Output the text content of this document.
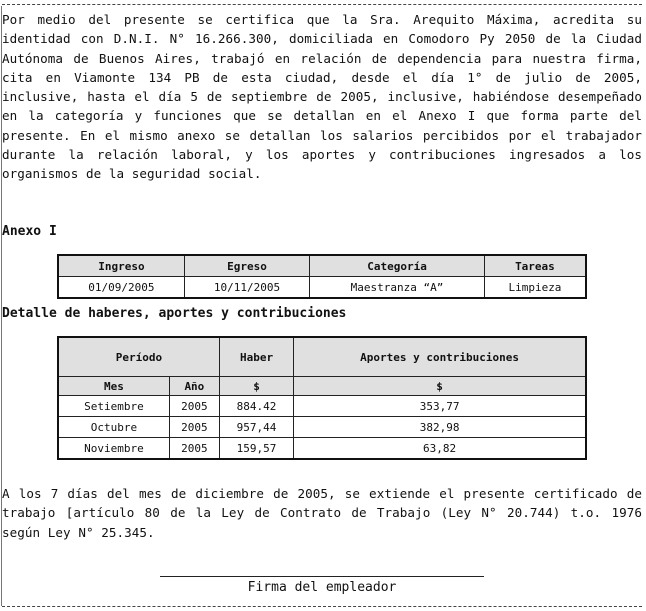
Por medio del presente se certifica que la Sra. Arequito Máxima, acredita su identidad con D.N.I. N° 16.266.300, domiciliada en Comodoro Py 2050 de la Ciudad Autónoma de Buenos Aires, trabajó en relación de dependencia para nuestra firma, cita en Viamonte 134 PB de esta ciudad, desde el día 1° de julio de 2005, inclusive, hasta el día 5 de septiembre de 2005, inclusive, habiéndose desempeñado en la categoría y funciones que se detallan en el Anexo I que forma parte del presente. En el mismo anexo se detallan los salarios percibidos por el trabajador durante la relación laboral, y los aportes y contribuciones ingresados a los organismos de la seguridad social.
Anexo I
Ingreso	Egreso	Categoría	Tareas
01/09/2005	10/11/2005	Maestranza “A”	Limpieza
Detalle de haberes, aportes y contribuciones
Período		Haber	Aportes y contribuciones
Mes	Año	$	$
Setiembre	2005	884.42	353,77
Octubre	2005	957,44	382,98
Noviembre	2005	159,57	63,82
A los 7 días del mes de diciembre de 2005, se extiende el presente certificado de trabajo [artículo 80 de la Ley de Contrato de Trabajo (Ley N° 20.744) t.o. 1976 según Ley N° 25.345.
Firma del empleador
